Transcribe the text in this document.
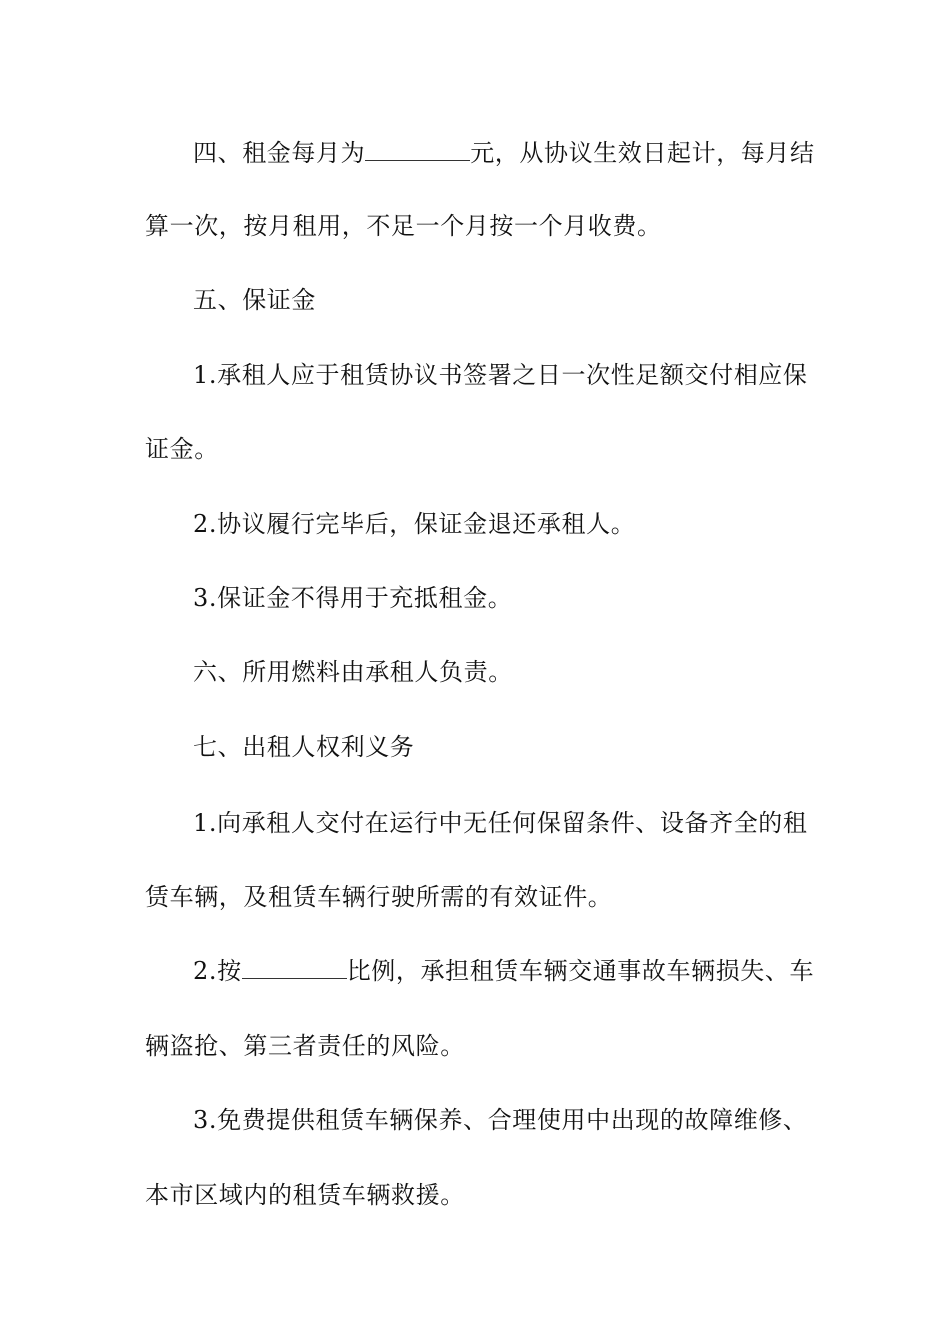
四、租金每月为	元，从协议生效日起计，每月结
算一次，按月租用，不足一个月按一个月收费。
五、保证金
1.承租人应于租赁协议书签署之日一次性足额交付相应保
证金。
2.协议履行完毕后，保证金退还承租人。
3.保证金不得用于充抵租金。
六、所用燃料由承租人负责。
七、出租人权利义务
1.向承租人交付在运行中无任何保留条件、设备齐全的租
赁车辆，及租赁车辆行驶所需的有效证件。
2.按	比例，承担租赁车辆交通事故车辆损失、车
辆盗抢、第三者责任的风险。
3.免费提供租赁车辆保养、合理使用中出现的故障维修、
本市区域内的租赁车辆救援。
